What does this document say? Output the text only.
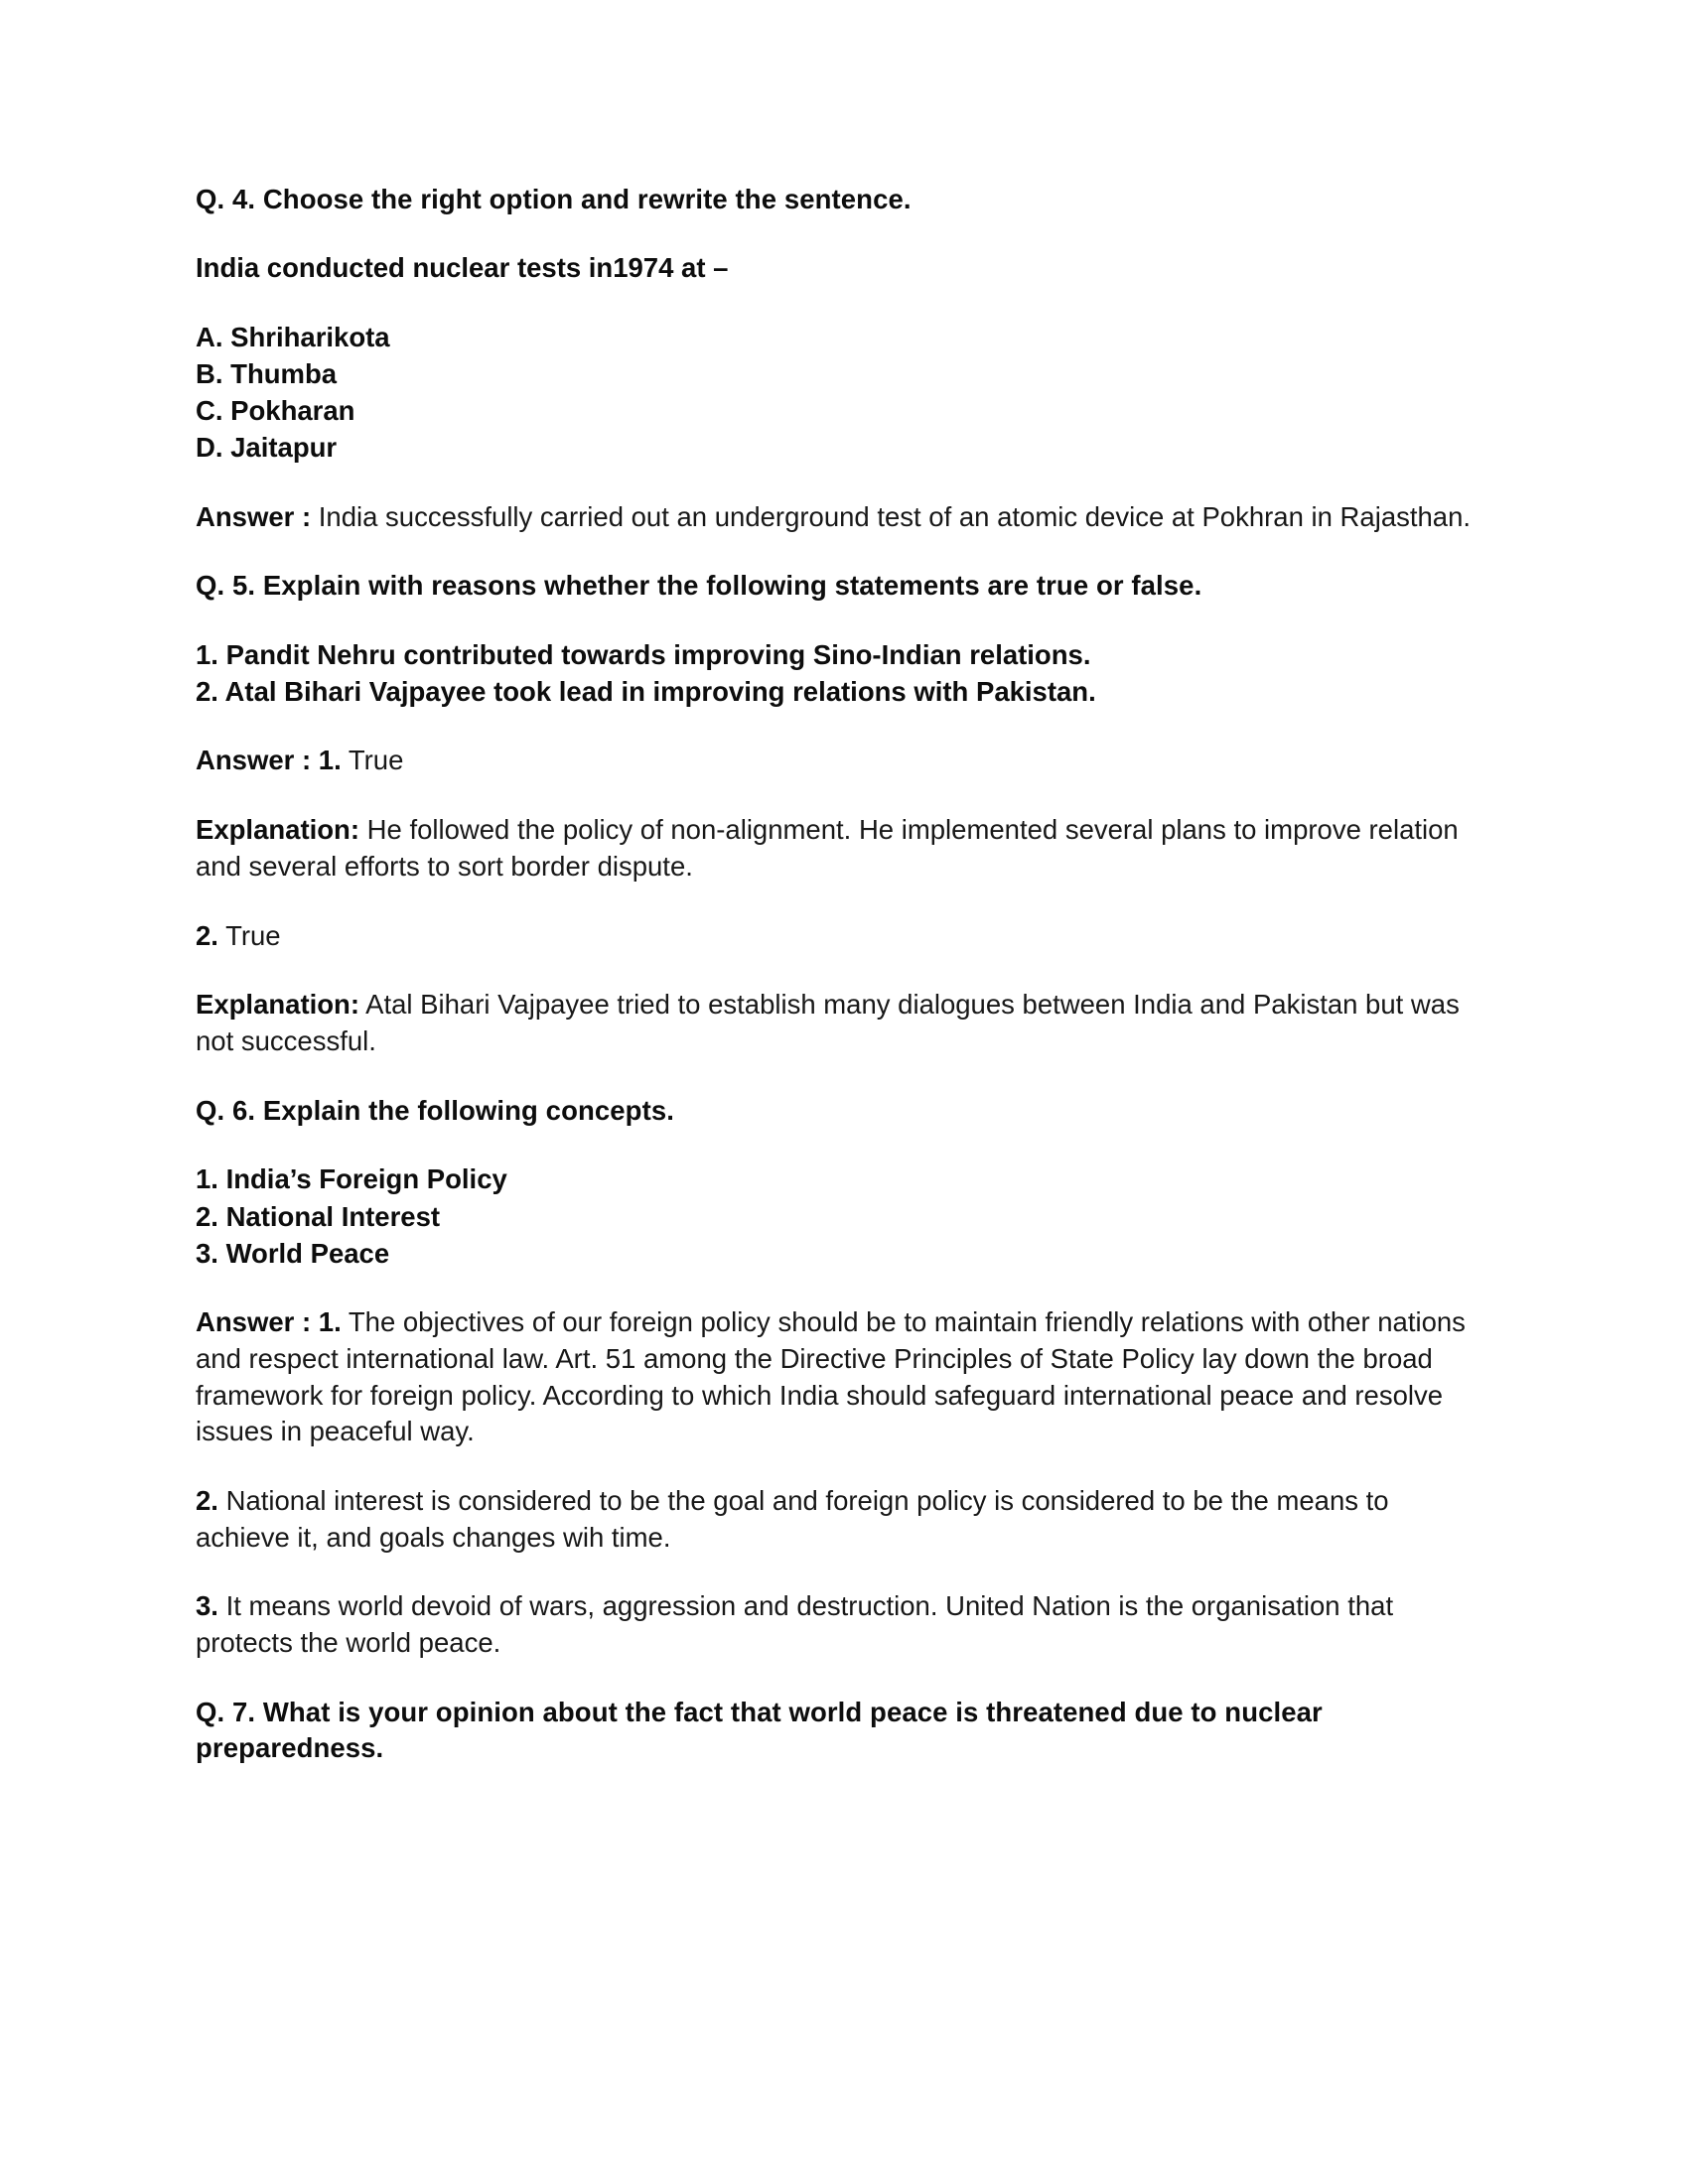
Q. 4. Choose the right option and rewrite the sentence.

India conducted nuclear tests in1974 at –

A. Shriharikota
B. Thumba
C. Pokharan
D. Jaitapur

Answer : India successfully carried out an underground test of an atomic device at Pokhran in Rajasthan.

Q. 5. Explain with reasons whether the following statements are true or false.

1. Pandit Nehru contributed towards improving Sino-Indian relations.
2. Atal Bihari Vajpayee took lead in improving relations with Pakistan.

Answer : 1. True

Explanation: He followed the policy of non-alignment. He implemented several plans to improve relation and several efforts to sort border dispute.

2. True

Explanation: Atal Bihari Vajpayee tried to establish many dialogues between India and Pakistan but was not successful.

Q. 6. Explain the following concepts.

1. India’s Foreign Policy
2. National Interest
3. World Peace

Answer : 1. The objectives of our foreign policy should be to maintain friendly relations with other nations and respect international law. Art. 51 among the Directive Principles of State Policy lay down the broad framework for foreign policy. According to which India should safeguard international peace and resolve issues in peaceful way.

2. National interest is considered to be the goal and foreign policy is considered to be the means to achieve it, and goals changes wih time.

3. It means world devoid of wars, aggression and destruction. United Nation is the organisation that protects the world peace.

Q. 7. What is your opinion about the fact that world peace is threatened due to nuclear preparedness.
